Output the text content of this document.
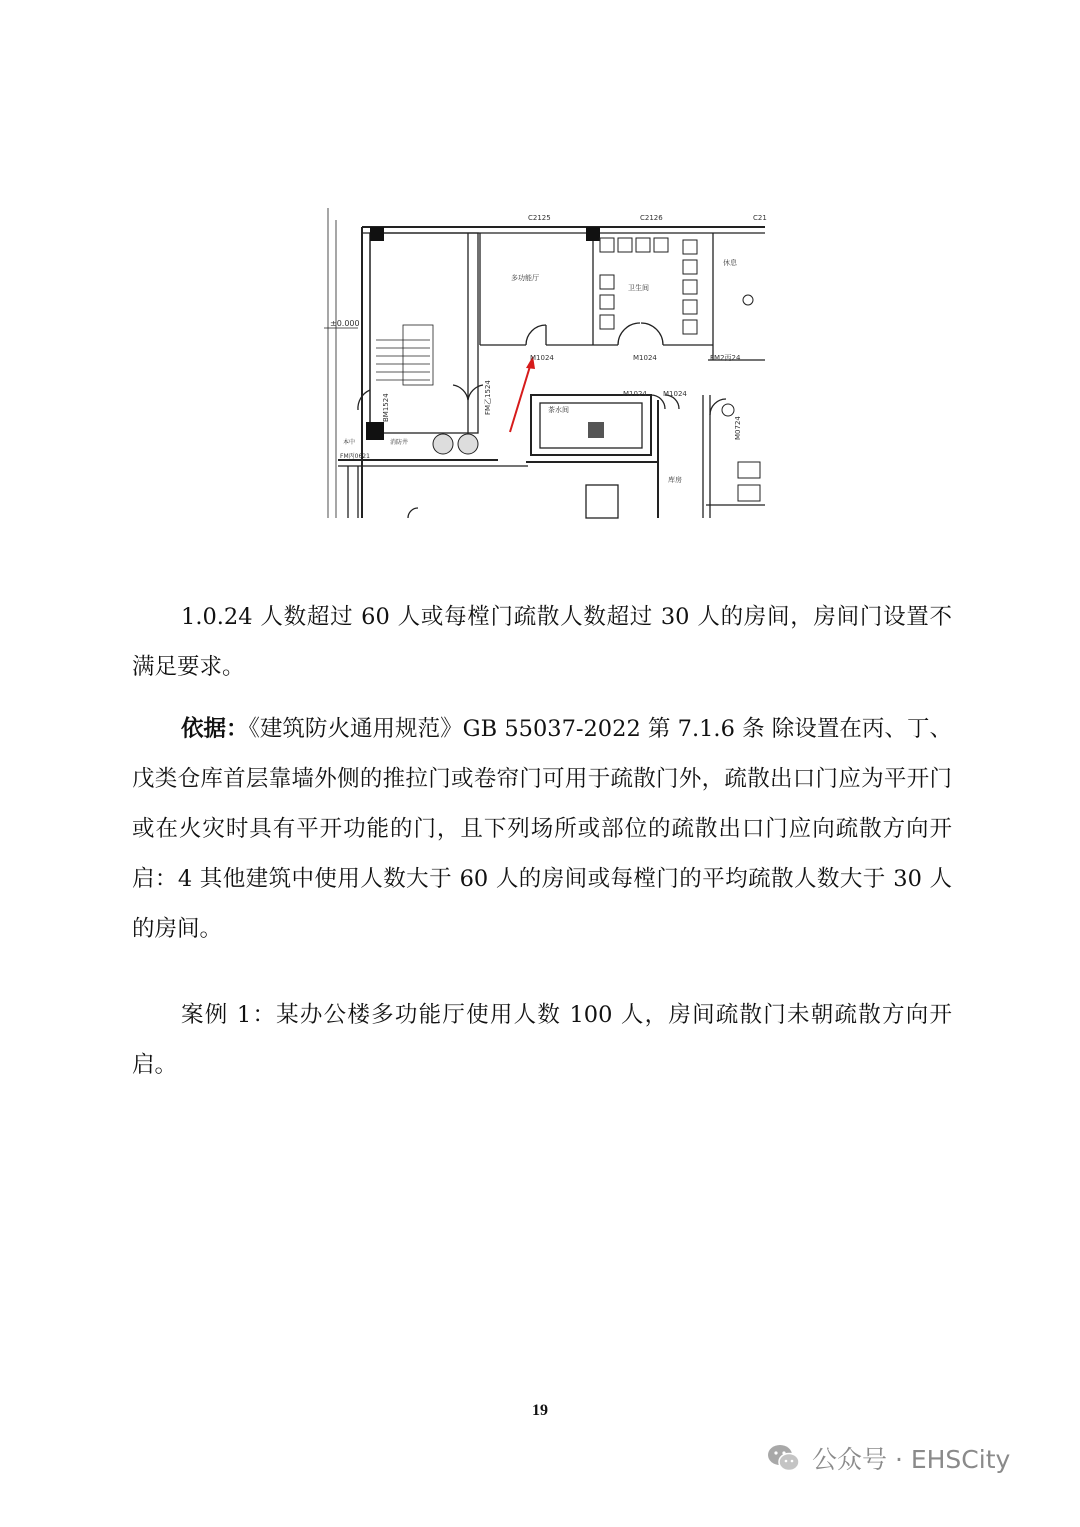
C2125	C2126	C21
±0.000
多功能厅
卫生间
茶水间
休息
本中	消防井
库房
M1024	M1024	FM2丙24
M1024 M1024
M0724
BM1524	FM乙1524
FM丙0621

1.0.24 人数超过 60 人或每樘门疏散人数超过 30 人的房间，房间门设置不满足要求。

依据：《建筑防火通用规范》GB 55037-2022 第 7.1.6 条 除设置在丙、丁、戊类仓库首层靠墙外侧的推拉门或卷帘门可用于疏散门外，疏散出口门应为平开门或在火灾时具有平开功能的门，且下列场所或部位的疏散出口门应向疏散方向开启：4 其他建筑中使用人数大于 60 人的房间或每樘门的平均疏散人数大于 30 人的房间。

案例 1：某办公楼多功能厅使用人数 100 人，房间疏散门未朝疏散方向开启。

19
公众号 · EHSCity
